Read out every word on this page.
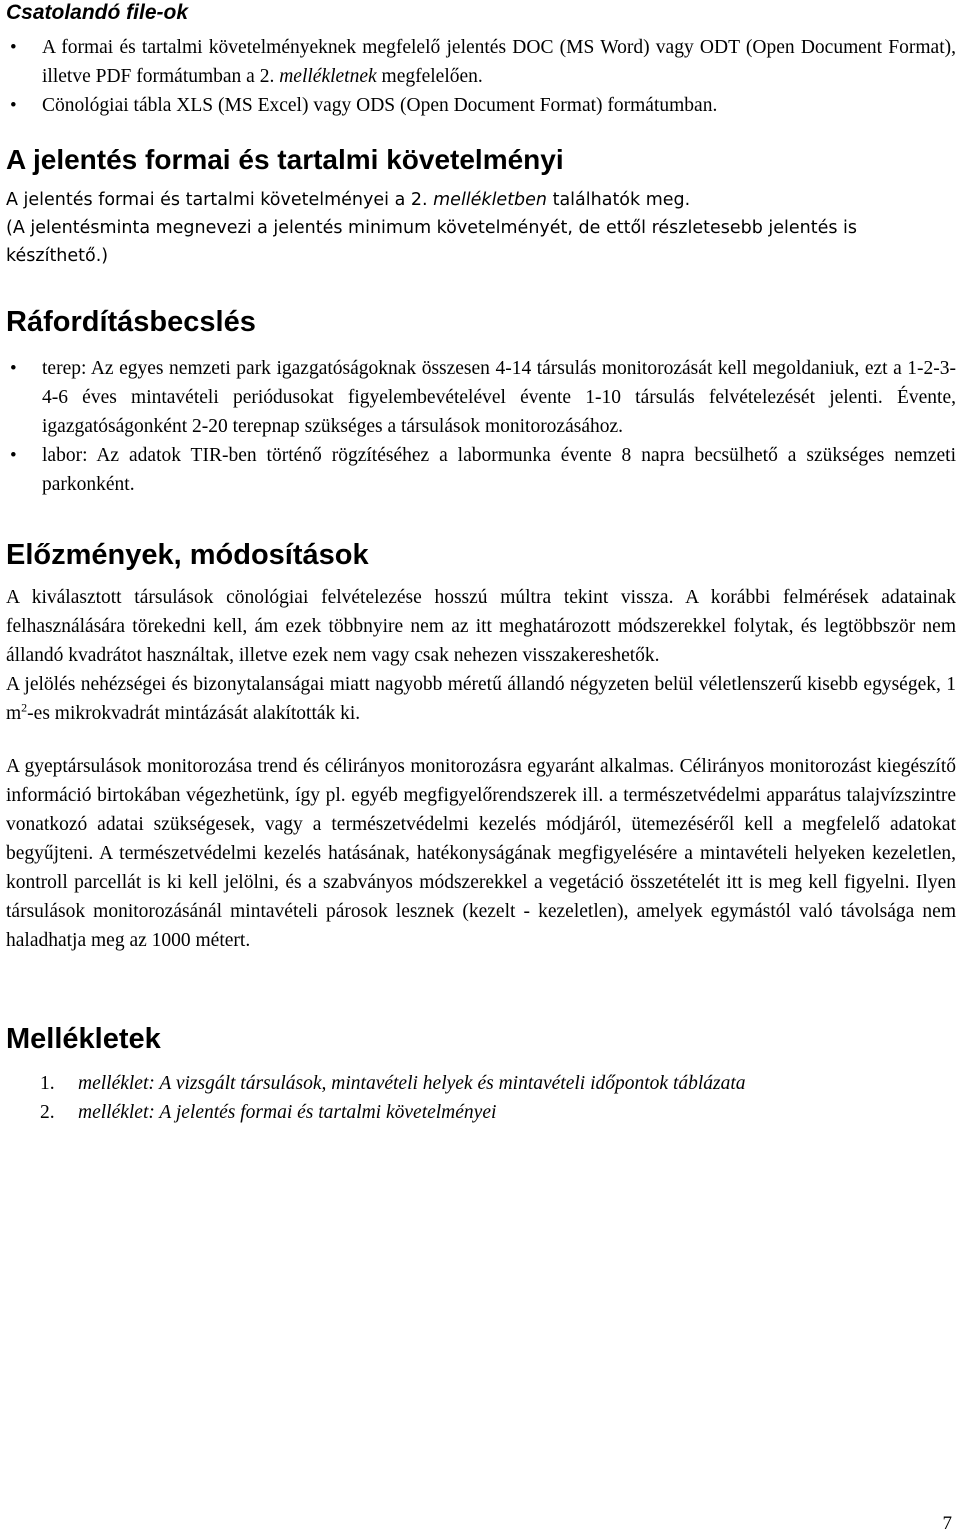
Csatolandó file-ok
• A formai és tartalmi követelményeknek megfelelő jelentés DOC (MS Word) vagy ODT (Open Document Format), illetve PDF formátumban a 2. mellékletnek megfelelően.
• Cönológiai tábla XLS (MS Excel) vagy ODS (Open Document Format) formátumban.
A jelentés formai és tartalmi követelményi

A jelentés formai és tartalmi követelményei a 2. mellékletben találhatók meg.

(A jelentésminta megnevezi a jelentés minimum követelményét, de ettől részletesebb jelentés is készíthető.)

Ráfordításbecslés
• terep: Az egyes nemzeti park igazgatóságoknak összesen 4-14 társulás monitorozását kell megoldaniuk, ezt a 1-2-3-4-6 éves mintavételi periódusokat figyelembevételével évente 1-10 társulás felvételezését jelenti. Évente, igazgatóságonként 2-20 terepnap szükséges a társulások monitorozásához.
• labor: Az adatok TIR-ben történő rögzítéséhez a labormunka évente 8 napra becsülhető a szükséges nemzeti parkonként.
Előzmények, módosítások

A kiválasztott társulások cönológiai felvételezése hosszú múltra tekint vissza. A korábbi felmérések adatainak felhasználására törekedni kell, ám ezek többnyire nem az itt meghatározott módszerekkel folytak, és legtöbbször nem állandó kvadrátot használtak, illetve ezek nem vagy csak nehezen visszakereshetők.

A jelölés nehézségei és bizonytalanságai miatt nagyobb méretű állandó négyzeten belül véletlenszerű kisebb egységek, 1 $m^2-es$ mikrokvadrát mintázását alakították ki.

A gyeptársulások monitorozása trend és célirányos monitorozásra egyaránt alkalmas. Célirányos monitorozást kiegészítő információ birtokában végezhetünk, így pl. egyéb megfigyelőrendszerek ill. a természetvédelmi apparátus talajvízszintre vonatkozó adatai szükségesek, vagy a természetvédelmi kezelés módjáról, ütemezéséről kell a megfelelő adatokat begyűjteni. A természetvédelmi kezelés hatásának, hatékonyságának megfigyelésére a mintavételi helyeken kezeletlen, kontroll parcellát is ki kell jelölni, és a szabványos módszerekkel a vegetáció összetételét itt is meg kell figyelni. Ilyen társulások monitorozásánál mintavételi párosok lesznek (kezelt - kezeletlen), amelyek egymástól való távolsága nem haladhatja meg az 1000 métert.

Mellékletek
1. melléklet: A vizsgált társulások, mintavételi helyek és mintavételi időpontok táblázata
2. melléklet: A jelentés formai és tartalmi követelményei
7
